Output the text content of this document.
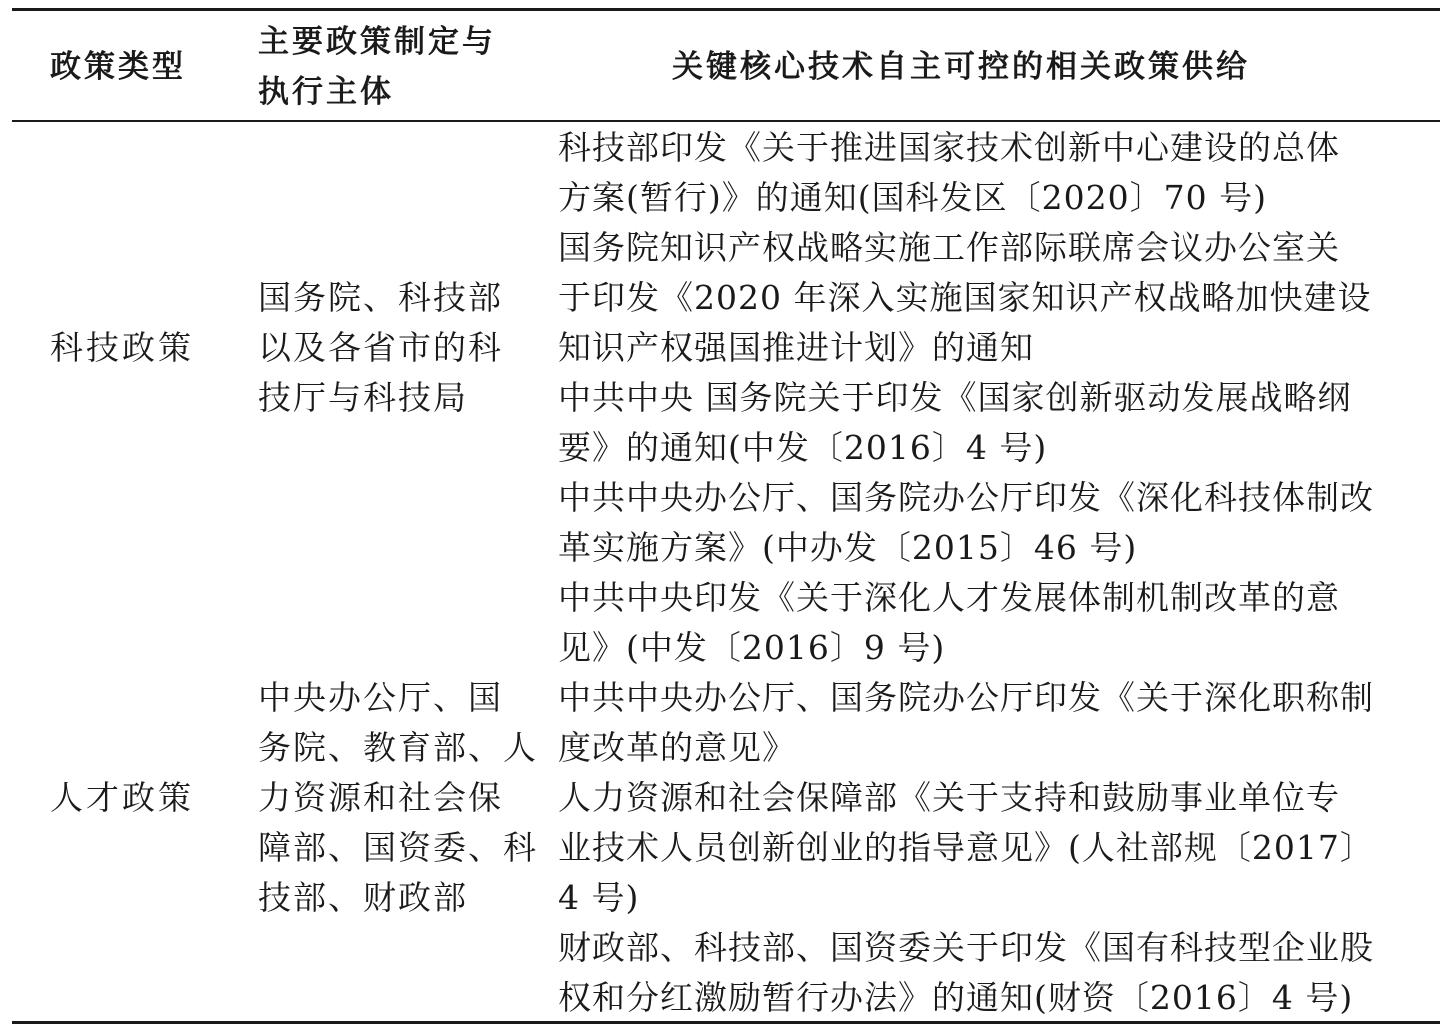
政策类型
主要政策制定与
执行主体
关键核心技术自主可控的相关政策供给
科技政策
国务院、科技部
以及各省市的科
技厅与科技局
科技部印发《关于推进国家技术创新中心建设的总体
方案(暂行)》的通知(国科发区〔2020〕70 号)
国务院知识产权战略实施工作部际联席会议办公室关
于印发《2020 年深入实施国家知识产权战略加快建设
知识产权强国推进计划》的通知
中共中央 国务院关于印发《国家创新驱动发展战略纲
要》的通知(中发〔2016〕4 号)
中共中央办公厅、国务院办公厅印发《深化科技体制改
革实施方案》(中办发〔2015〕46 号)
人才政策
中央办公厅、国
务院、教育部、人
力资源和社会保
障部、国资委、科
技部、财政部
中共中央印发《关于深化人才发展体制机制改革的意
见》(中发〔2016〕9 号)
中共中央办公厅、国务院办公厅印发《关于深化职称制
度改革的意见》
人力资源和社会保障部《关于支持和鼓励事业单位专
业技术人员创新创业的指导意见》(人社部规〔2017〕
4 号)
财政部、科技部、国资委关于印发《国有科技型企业股
权和分红激励暂行办法》的通知(财资〔2016〕4 号)
